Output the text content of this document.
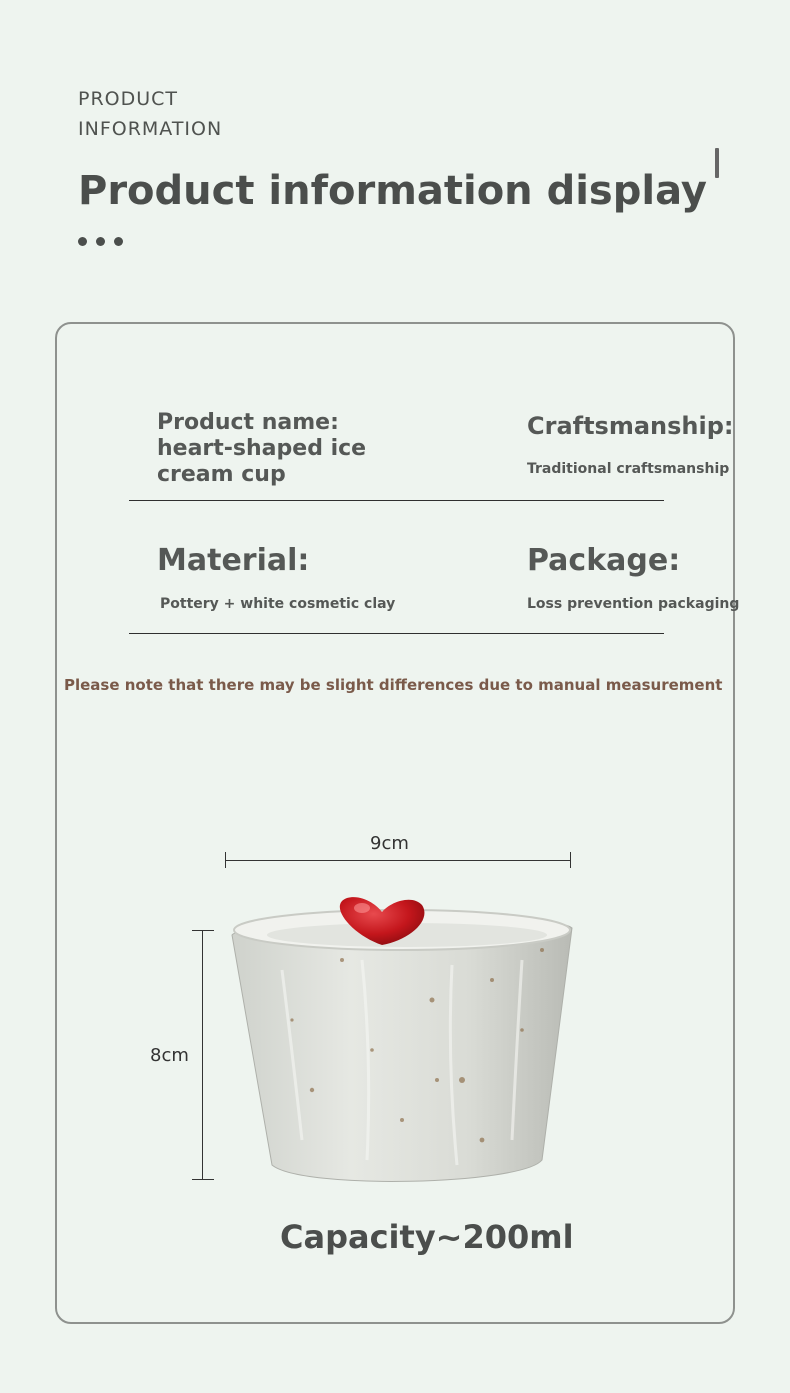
PRODUCT
INFORMATION
Product information display
Product name:
heart-shaped ice
cream cup
Craftsmanship:
Traditional craftsmanship
Material:
Pottery + white cosmetic clay
Package:
Loss prevention packaging
Please note that there may be slight differences due to manual measurement
9cm
8cm
Capacity~200ml
